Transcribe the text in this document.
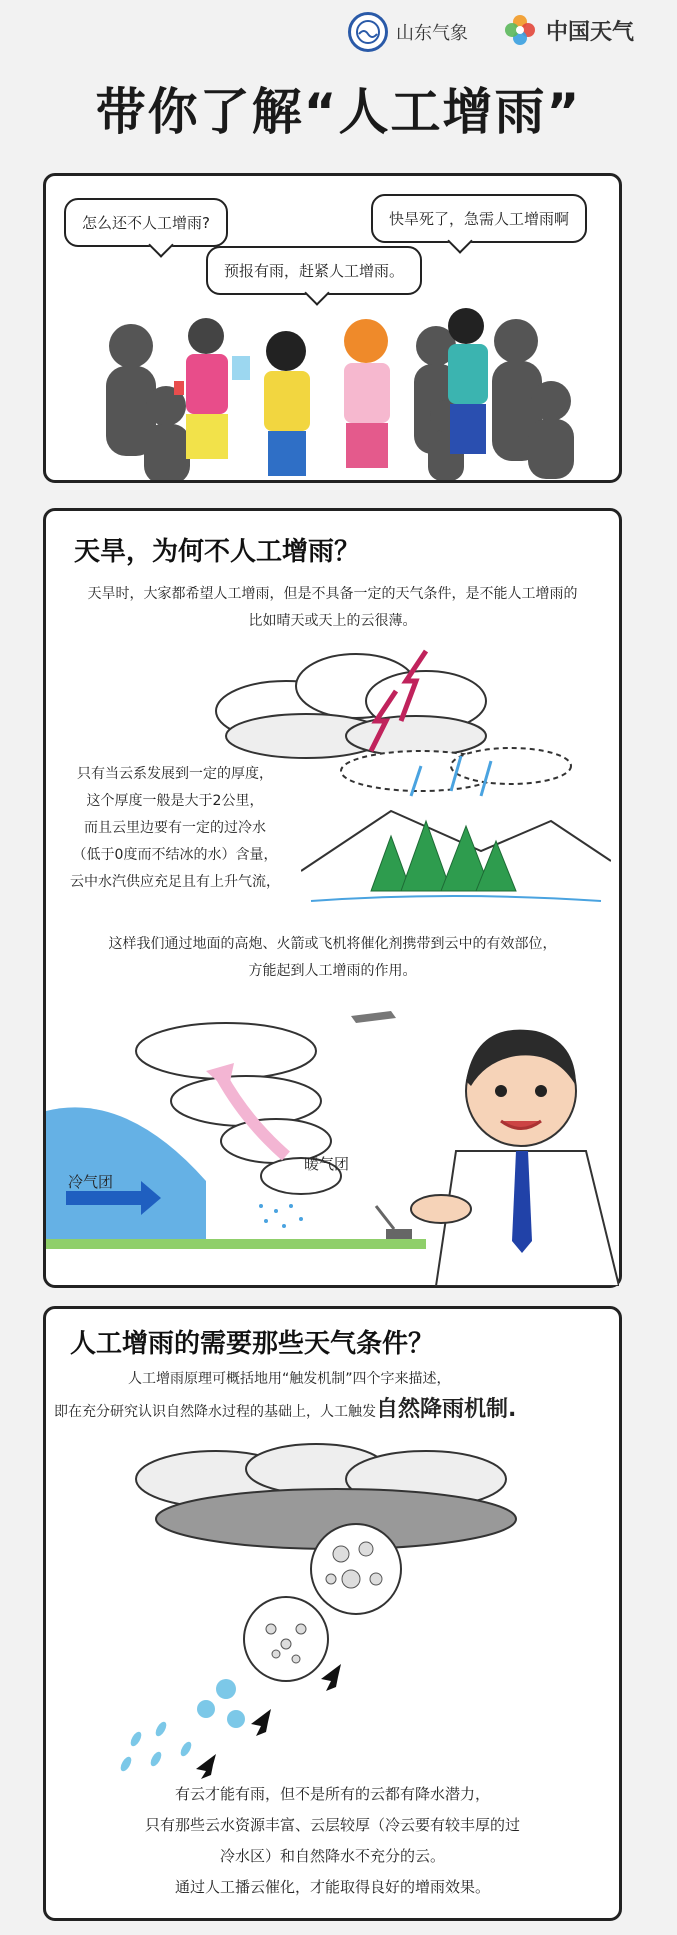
山东气象	中国天气
带你了解“人工增雨”
怎么还不人工增雨?	快旱死了，急需人工增雨啊
预报有雨，赶紧人工增雨。
天旱，为何不人工增雨？
天旱时，大家都希望人工增雨，但是不具备一定的天气条件，是不能人工增雨的
比如晴天或天上的云很薄。
只有当云系发展到一定的厚度，
这个厚度一般是大于2公里，
而且云里边要有一定的过冷水
（低于0度而不结冰的水）含量，
云中水汽供应充足且有上升气流，
这样我们通过地面的高炮、火箭或飞机将催化剂携带到云中的有效部位，
方能起到人工增雨的作用。
暖气团
冷气团
人工增雨的需要那些天气条件？
人工增雨原理可概括地用“触发机制”四个字来描述，
即在充分研究认识自然降水过程的基础上，人工触发自然降雨机制.
有云才能有雨，但不是所有的云都有降水潜力，
只有那些云水资源丰富、云层较厚（冷云要有较丰厚的过
冷水区）和自然降水不充分的云。
通过人工播云催化，才能取得良好的增雨效果。
